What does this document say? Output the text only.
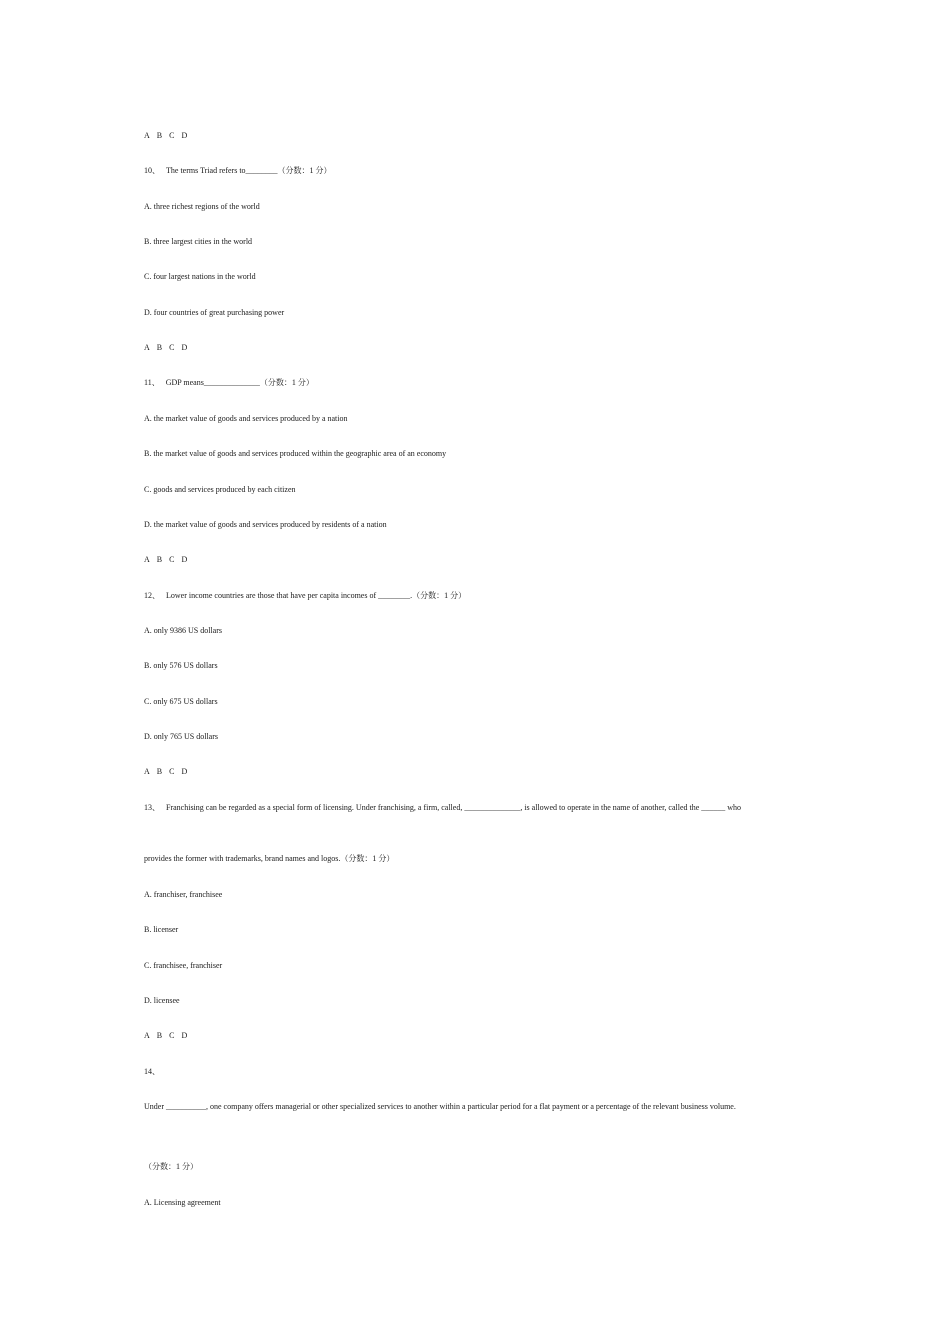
A B C D
10、 The terms Triad refers to________（分数：1 分）
A. three richest regions of the world
B. three largest cities in the world
C. four largest nations in the world
D. four countries of great purchasing power
A B C D
11、 GDP means______________（分数：1 分）
A. the market value of goods and services produced by a nation
B. the market value of goods and services produced within the geographic area of an economy
C. goods and services produced by each citizen
D. the market value of goods and services produced by residents of a nation
A B C D
12、 Lower income countries are those that have per capita incomes of ________.（分数：1 分）
A. only 9386 US dollars
B. only 576 US dollars
C. only 675 US dollars
D. only 765 US dollars
A B C D
13、 Franchising can be regarded as a special form of licensing. Under franchising, a firm, called, ______________, is allowed to operate in the name of another, called the ______ who
provides the former with trademarks, brand names and logos.（分数：1 分）
A. franchiser, franchisee
B. licenser
C. franchisee, franchiser
D. licensee
A B C D
14、
Under __________, one company offers managerial or other specialized services to another within a particular period for a flat payment or a percentage of the relevant business volume.
（分数：1 分）
A. Licensing agreement
